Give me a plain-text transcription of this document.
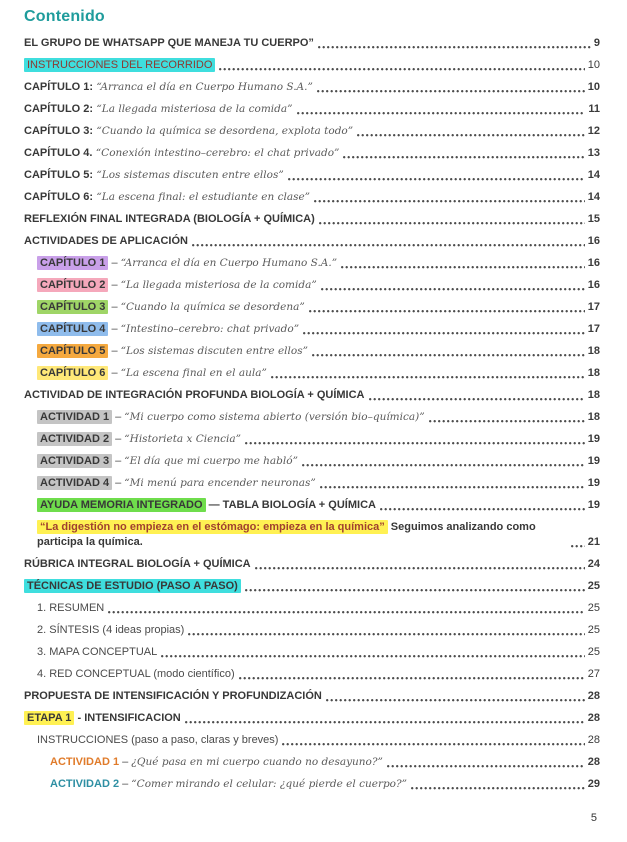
Contenido
EL GRUPO DE WHATSAPP QUE MANEJA TU CUERPO”	9
INSTRUCCIONES DEL RECORRIDO	10
CAPÍTULO 1: “Arranca el día en Cuerpo Humano S.A.”	10
CAPÍTULO 2: “La llegada misteriosa de la comida”	11
CAPÍTULO 3: “Cuando la química se desordena, explota todo”	12
CAPÍTULO 4. “Conexión intestino–cerebro: el chat privado”	13
CAPÍTULO 5: “Los sistemas discuten entre ellos”	14
CAPÍTULO 6: “La escena final: el estudiante en clase”	14
REFLEXIÓN FINAL INTEGRADA (BIOLOGÍA + QUÍMICA)	15
ACTIVIDADES DE APLICACIÓN	16
CAPÍTULO 1 – “Arranca el día en Cuerpo Humano S.A.”	16
CAPÍTULO 2 – “La llegada misteriosa de la comida”	16
CAPÍTULO 3 – “Cuando la química se desordena”	17
CAPÍTULO 4 – “Intestino–cerebro: chat privado”	17
CAPÍTULO 5 – “Los sistemas discuten entre ellos”	18
CAPÍTULO 6 – “La escena final en el aula”	18
ACTIVIDAD DE INTEGRACIÓN PROFUNDA BIOLOGÍA + QUÍMICA	18
ACTIVIDAD 1 – “Mi cuerpo como sistema abierto (versión bio–química)”	18
ACTIVIDAD 2 – “Historieta x Ciencia”	19
ACTIVIDAD 3 – “El día que mi cuerpo me habló”	19
ACTIVIDAD 4 – “Mi menú para encender neuronas”	19
AYUDA MEMORIA INTEGRADO — TABLA BIOLOGÍA + QUÍMICA	19
“La digestión no empieza en el estómago: empieza en la química” Seguimos analizando como participa la química.	21
RÚBRICA INTEGRAL BIOLOGÍA + QUÍMICA	24
TÉCNICAS DE ESTUDIO (PASO A PASO)	25
1. RESUMEN	25
2. SÍNTESIS (4 ideas propias)	25
3. MAPA CONCEPTUAL	25
4. RED CONCEPTUAL (modo científico)	27
PROPUESTA DE INTENSIFICACIÓN Y PROFUNDIZACIÓN	28
ETAPA 1 - INTENSIFICACION	28
INSTRUCCIONES (paso a paso, claras y breves)	28
ACTIVIDAD 1 – ¿Qué pasa en mi cuerpo cuando no desayuno?”	28
ACTIVIDAD 2 – “Comer mirando el celular: ¿qué pierde el cuerpo?”	29
5
